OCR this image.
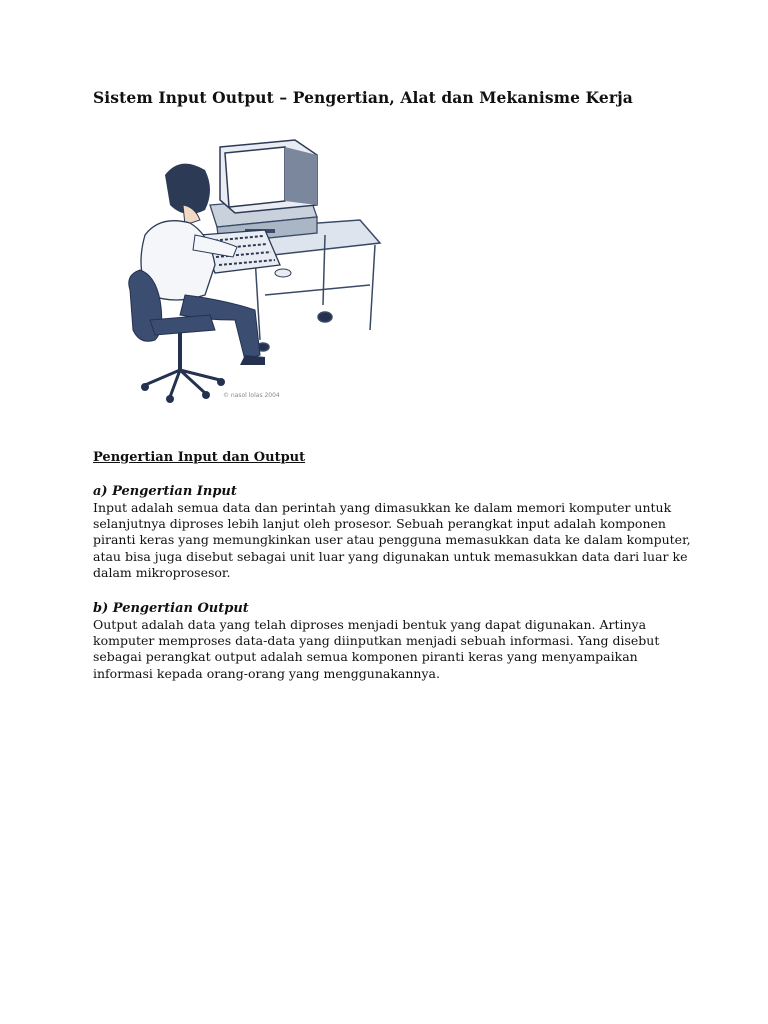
Sistem Input Output – Pengertian, Alat dan Mekanisme Kerja
© nasol lolas 2004
Pengertian Input dan Output
a) Pengertian Input
Input adalah semua data dan perintah yang dimasukkan ke dalam memori komputer untuk
selanjutnya diproses lebih lanjut oleh prosesor. Sebuah perangkat input adalah komponen
piranti keras yang memungkinkan user atau pengguna memasukkan data ke dalam komputer,
atau bisa juga disebut sebagai unit luar yang digunakan untuk memasukkan data dari luar ke
dalam mikroprosesor.
b) Pengertian Output
Output adalah data yang telah diproses menjadi bentuk yang dapat digunakan. Artinya
komputer memproses data-data yang diinputkan menjadi sebuah informasi. Yang disebut
sebagai perangkat output adalah semua komponen piranti keras yang menyampaikan
informasi kepada orang-orang yang menggunakannya.
